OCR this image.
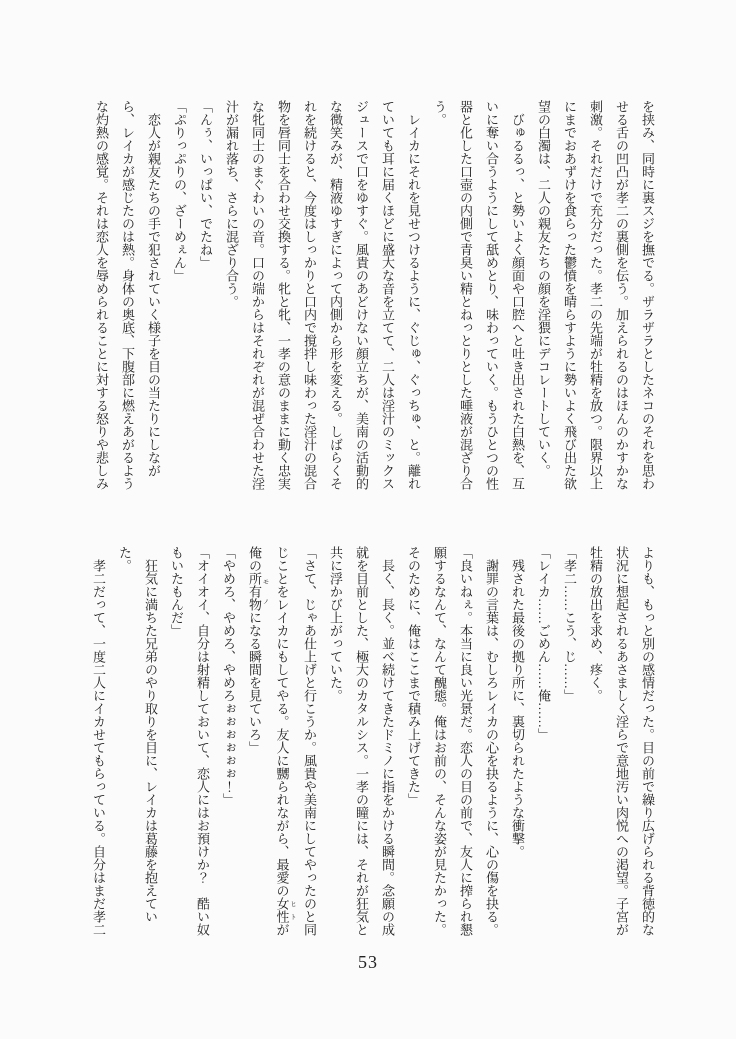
を挟み、同時に裏スジを撫でる。ザラザラとしたネコのそれを思わ

せる舌の凹凸が孝二の裏側を伝う。加えられるのはほんのかすかな

刺激。それだけで充分だった。孝二の先端が牡精を放つ。限界以上

にまでおあずけを食らった鬱憤を晴らすように勢いよく飛び出た欲

望の白濁は、二人の親友たちの顔を淫猥にデコレートしていく。

　びゅるるっ、と勢いよく顔面や口腔へと吐き出された白熱を、互

いに奪い合うようにして舐めとり、味わっていく。もうひとつの性

器と化した口壺の内側で青臭い精とねっとりとした唾液が混ざり合

う。

　レイカにそれを見せつけるように、ぐじゅ、ぐっちゅ、と。離れ

ていても耳に届くほどに盛大な音を立てて、二人は淫汁のミックス

ジュースで口をゆすぐ。風貴のあどけない顔立ちが、美南の活動的

な微笑みが、精液ゆすぎによって内側から形を変える。しばらくそ

れを続けると、今度はしっかりと口内で撹拌し味わった淫汁の混合

物を唇同士を合わせ交換する。牝と牝、一孝の意のままに動く忠実

な牝同士のまぐわいの音。口の端からはそれぞれが混ぜ合わせた淫

汁が漏れ落ち、さらに混ざり合う。

「んぅ、いっぱい、でたね」

「ぷりっぷりの、ざーめぇん」

　恋人が親友たちの手で犯されていく様子を目の当たりにしなが

ら、レイカが感じたのは熱。身体の奥底、下腹部に燃えあがるよう

な灼熱の感覚。それは恋人を辱められることに対する怒りや悲しみ

よりも、もっと別の感情だった。目の前で繰り広げられる背徳的な

状況に想起されるあさましく淫らで意地汚い肉悦への渇望。子宮が

牡精の放出を求め、疼く。

「孝二……こう、じ……」

「レイカ……ごめん……俺……」

　残された最後の拠り所に、裏切られたような衝撃。

　謝罪の言葉は、むしろレイカの心を抉るように、心の傷を抉る。

「良いねぇ。本当に良い光景だ。恋人の目の前で、友人に搾られ懇

願するなんて、なんて醜態。俺はお前の、そんな姿が見たかった。

そのために、俺はここまで積み上げてきた」

　長く、長く。並べ続けてきたドミノに指をかける瞬間。念願の成

就を目前とした、極大のカタルシス。一孝の瞳には、それが狂気と

共に浮かび上がっていた。

「さて、じゃあ仕上げと行こうか。風貴や美南にしてやったのと同

じことをレイカにもしてやる。友人に嬲られながら、最愛の女性 ヒトが

俺の所有物 モノになる瞬間を見ていろ」

「やめろ、やめろ、やめろぉぉぉぉぉぉ！」

「オイオイ、自分は射精しておいて、恋人にはお預けか？　酷い奴

もいたもんだ」

　狂気に満ちた兄弟のやり取りを目に、レイカは葛藤を抱えてい

た。

　孝二だって、一度二人にイカせてもらっている。自分はまだ孝二

53
